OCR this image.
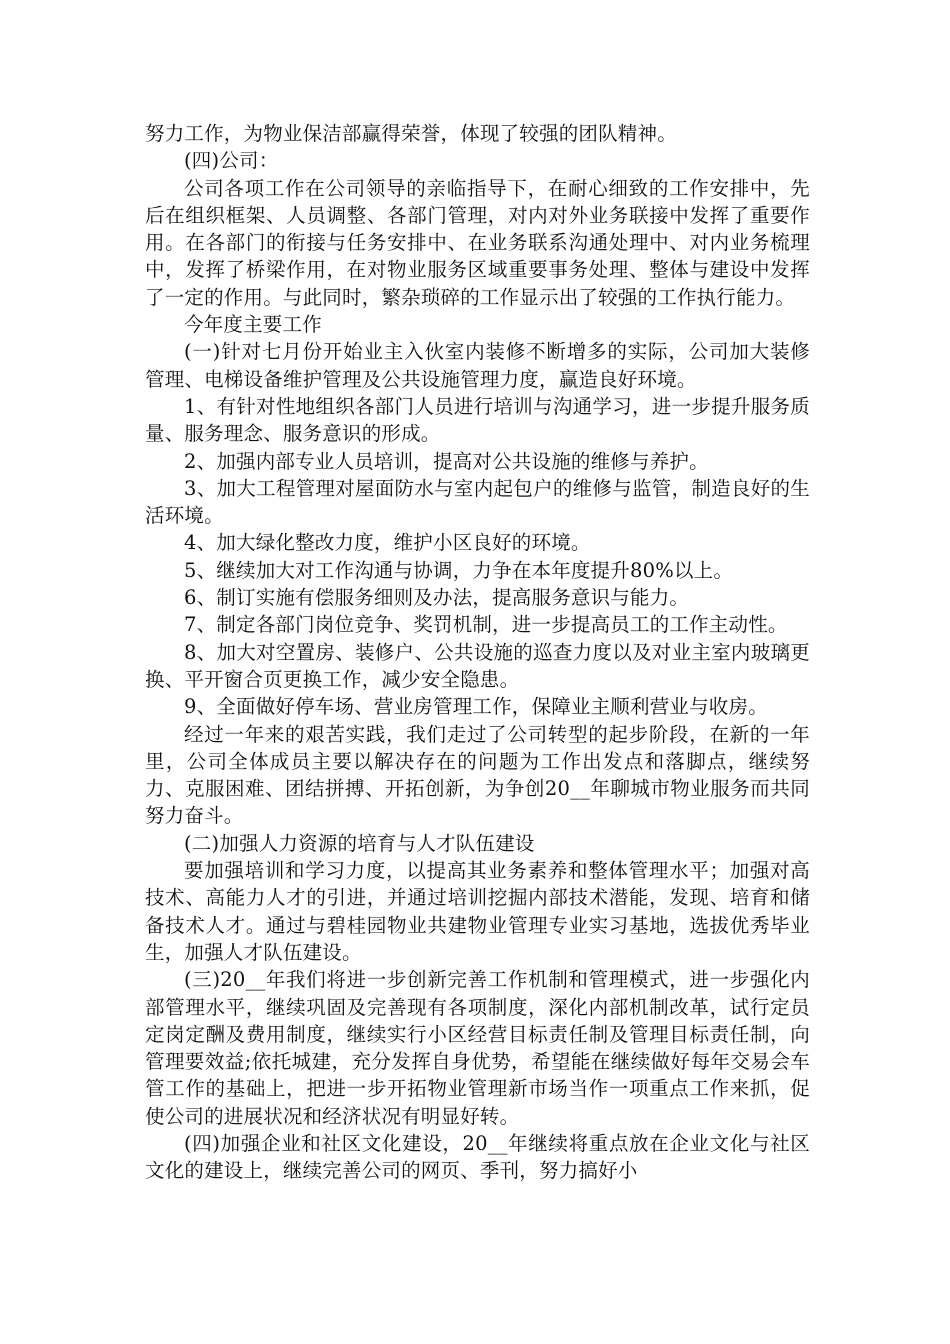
努力工作，为物业保洁部赢得荣誉，体现了较强的团队精神。

(四)公司：

公司各项工作在公司领导的亲临指导下，在耐心细致的工作安排中，先后在组织框架、人员调整、各部门管理，对内对外业务联接中发挥了重要作用。在各部门的衔接与任务安排中、在业务联系沟通处理中、对内业务梳理中，发挥了桥梁作用，在对物业服务区域重要事务处理、整体与建设中发挥了一定的作用。与此同时，繁杂琐碎的工作显示出了较强的工作执行能力。

今年度主要工作

(一)针对七月份开始业主入伙室内装修不断增多的实际，公司加大装修管理、电梯设备维护管理及公共设施管理力度，赢造良好环境。

1、有针对性地组织各部门人员进行培训与沟通学习，进一步提升服务质量、服务理念、服务意识的形成。

2、加强内部专业人员培训，提高对公共设施的维修与养护。

3、加大工程管理对屋面防水与室内起包户的维修与监管，制造良好的生活环境。

4、加大绿化整改力度，维护小区良好的环境。

5、继续加大对工作沟通与协调，力争在本年度提升80%以上。

6、制订实施有偿服务细则及办法，提高服务意识与能力。

7、制定各部门岗位竞争、奖罚机制，进一步提高员工的工作主动性。

8、加大对空置房、装修户、公共设施的巡查力度以及对业主室内玻璃更换、平开窗合页更换工作，减少安全隐患。

9、全面做好停车场、营业房管理工作，保障业主顺利营业与收房。

经过一年来的艰苦实践，我们走过了公司转型的起步阶段，在新的一年里，公司全体成员主要以解决存在的问题为工作出发点和落脚点，继续努力、克服困难、团结拼搏、开拓创新，为争创20__年聊城市物业服务而共同努力奋斗。

(二)加强人力资源的培育与人才队伍建设

要加强培训和学习力度，以提高其业务素养和整体管理水平；加强对高技术、高能力人才的引进，并通过培训挖掘内部技术潜能，发现、培育和储备技术人才。通过与碧桂园物业共建物业管理专业实习基地，选拔优秀毕业生，加强人才队伍建设。

(三)20__年我们将进一步创新完善工作机制和管理模式，进一步强化内部管理水平，继续巩固及完善现有各项制度，深化内部机制改革，试行定员定岗定酬及费用制度，继续实行小区经营目标责任制及管理目标责任制，向管理要效益;依托城建，充分发挥自身优势，希望能在继续做好每年交易会车管工作的基础上，把进一步开拓物业管理新市场当作一项重点工作来抓，促使公司的进展状况和经济状况有明显好转。

(四)加强企业和社区文化建设，20__年继续将重点放在企业文化与社区文化的建设上，继续完善公司的网页、季刊，努力搞好小
